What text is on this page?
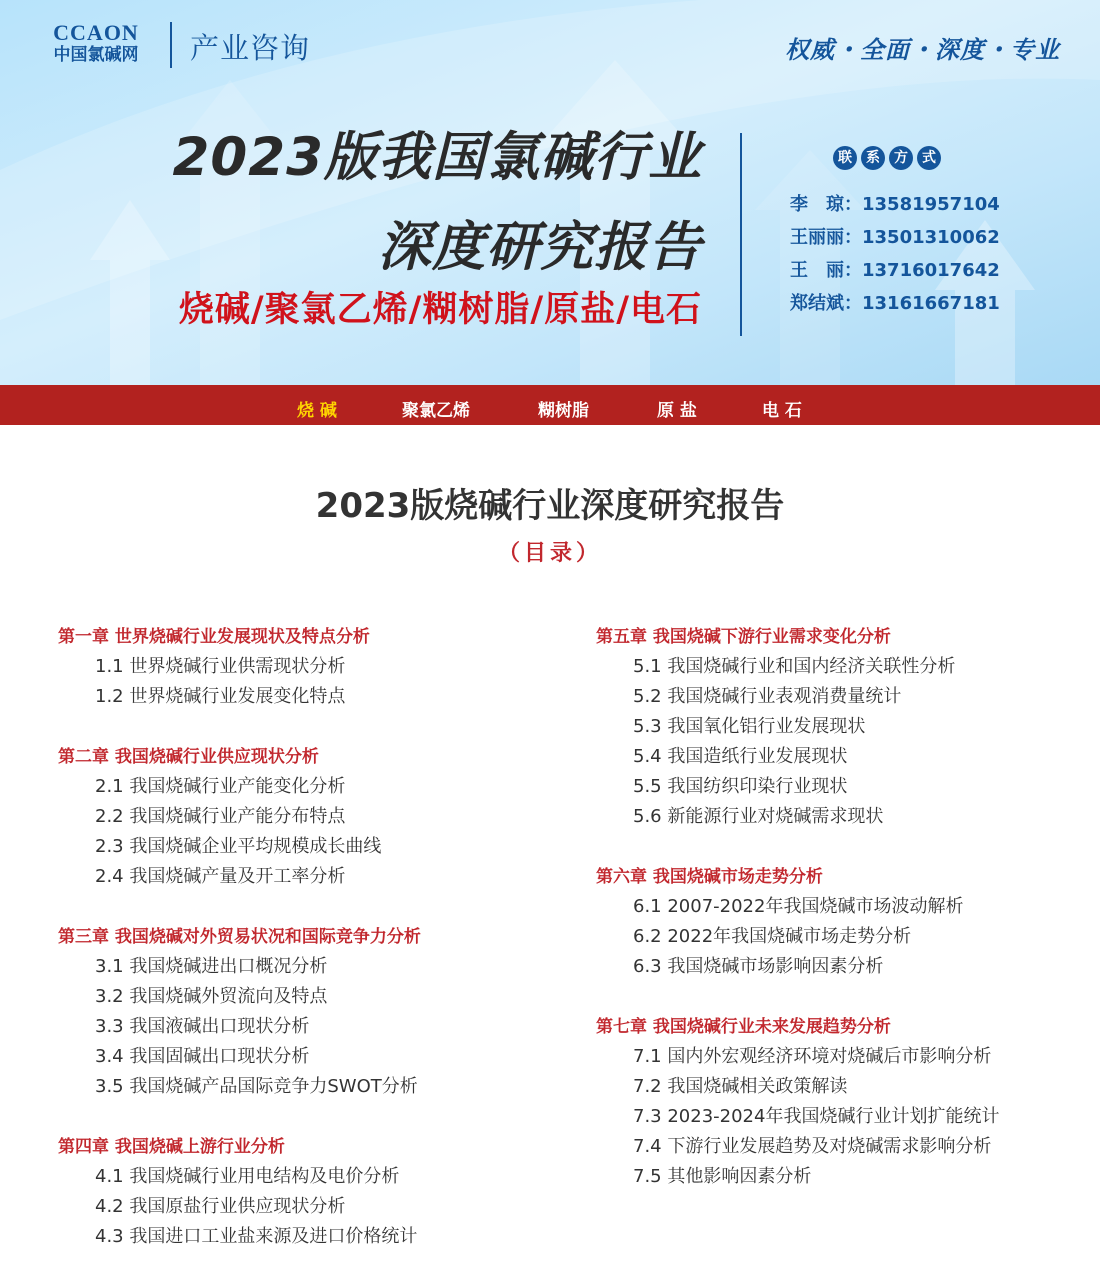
CCAON
中国氯碱网	产业咨询	权威・全面・深度・专业
2023版我国氯碱行业
深度研究报告
烧碱/聚氯乙烯/糊树脂/原盐/电石
联	系	方	式
李　琼：13581957104
王丽丽：13501310062
王　丽：13716017642
郑结斌：13161667181
烧 碱	聚氯乙烯	糊树脂	原 盐	电 石
2023版烧碱行业深度研究报告
（目录）
第一章 世界烧碱行业发展现状及特点分析
1.1 世界烧碱行业供需现状分析
1.2 世界烧碱行业发展变化特点
第二章 我国烧碱行业供应现状分析
2.1 我国烧碱行业产能变化分析
2.2 我国烧碱行业产能分布特点
2.3 我国烧碱企业平均规模成长曲线
2.4 我国烧碱产量及开工率分析
第三章 我国烧碱对外贸易状况和国际竞争力分析
3.1 我国烧碱进出口概况分析
3.2 我国烧碱外贸流向及特点
3.3 我国液碱出口现状分析
3.4 我国固碱出口现状分析
3.5 我国烧碱产品国际竞争力SWOT分析
第四章 我国烧碱上游行业分析
4.1 我国烧碱行业用电结构及电价分析
4.2 我国原盐行业供应现状分析
4.3 我国进口工业盐来源及进口价格统计
第五章 我国烧碱下游行业需求变化分析
5.1 我国烧碱行业和国内经济关联性分析
5.2 我国烧碱行业表观消费量统计
5.3 我国氧化铝行业发展现状
5.4 我国造纸行业发展现状
5.5 我国纺织印染行业现状
5.6 新能源行业对烧碱需求现状
第六章 我国烧碱市场走势分析
6.1 2007-2022年我国烧碱市场波动解析
6.2 2022年我国烧碱市场走势分析
6.3 我国烧碱市场影响因素分析
第七章 我国烧碱行业未来发展趋势分析
7.1 国内外宏观经济环境对烧碱后市影响分析
7.2 我国烧碱相关政策解读
7.3 2023-2024年我国烧碱行业计划扩能统计
7.4 下游行业发展趋势及对烧碱需求影响分析
7.5 其他影响因素分析
